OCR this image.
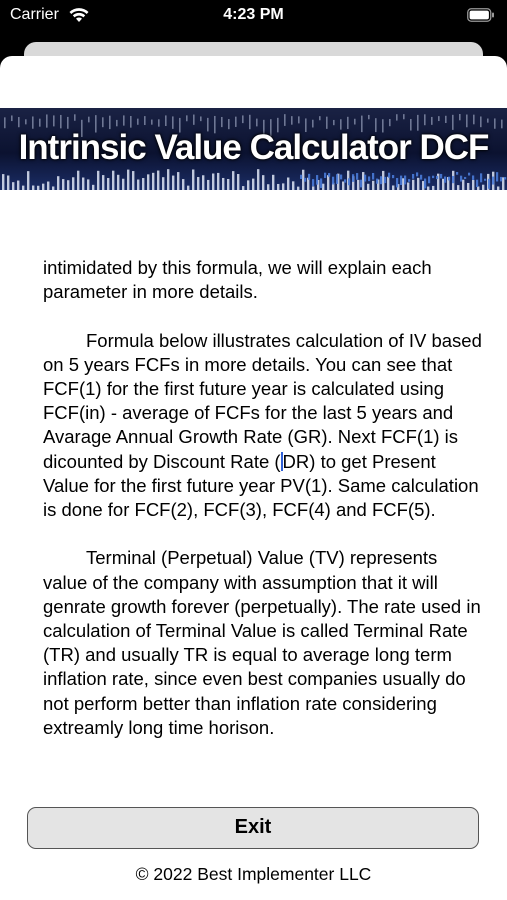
Carrier	4:23 PM
Intrinsic Value Calculator DCF

intimidated by this formula, we will explain each parameter in more details.

Formula below illustrates calculation of IV based on 5 years FCFs in more details. You can see that FCF(1) for the first future year is calculated using FCF(in) - average of FCFs for the last 5 years and Avarage Annual Growth Rate (GR). Next FCF(1) is dicounted by Discount Rate ( DR) to get Present Value for the first future year PV(1). Same calculation is done for FCF(2), FCF(3), FCF(4) and FCF(5).

Terminal (Perpetual) Value (TV) represents value of the company with assumption that it will genrate growth forever (perpetually). The rate used in calculation of Terminal Value is called Terminal Rate (TR) and usually TR is equal to average long term inflation rate, since even best companies usually do not perform better than inflation rate considering extreamly long time horison.

Exit
© 2022 Best Implementer LLC
